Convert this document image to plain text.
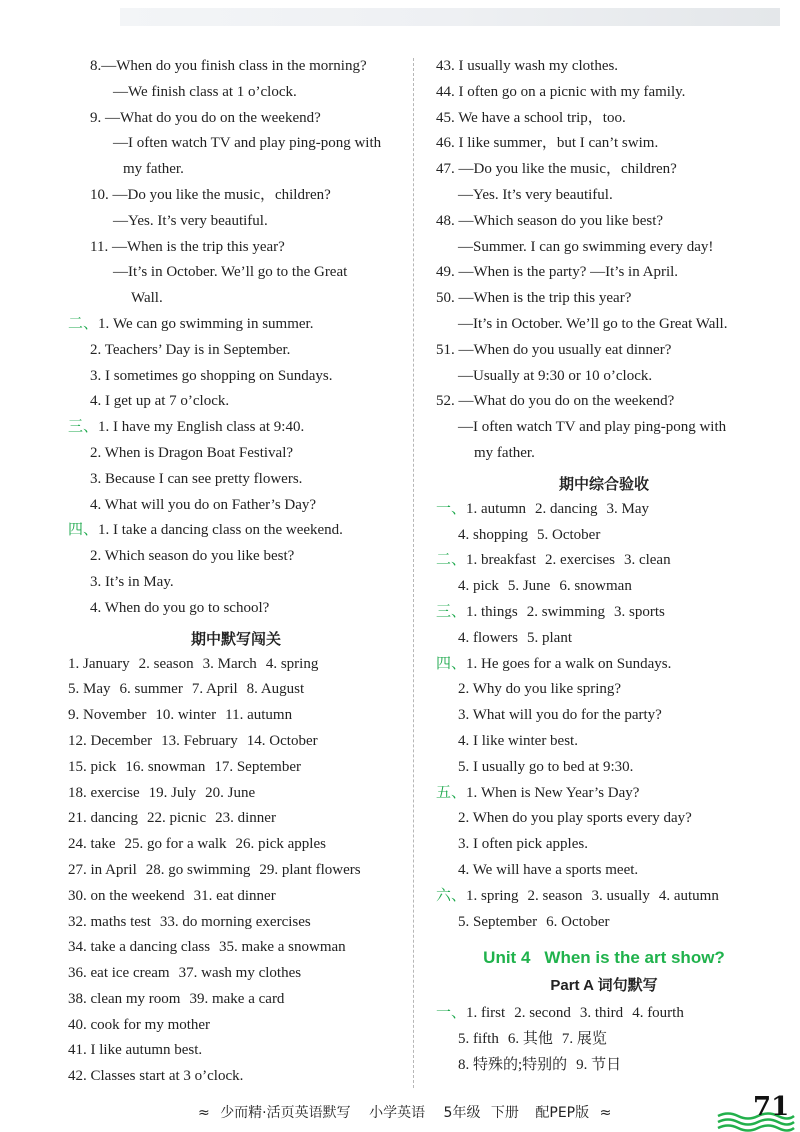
8.—When do you finish class in the morning?
—We finish class at 1 o’clock.
9. —What do you do on the weekend?
—I often watch TV and play ping-pong with
my father.
10. —Do you like the music，children?
—Yes. It’s very beautiful.
11. —When is the trip this year?
—It’s in October. We’ll go to the Great
Wall.
二、1. We can go swimming in summer.
2. Teachers’ Day is in September.
3. I sometimes go shopping on Sundays.
4. I get up at 7 o’clock.
三、1. I have my English class at 9:40.
2. When is Dragon Boat Festival?
3. Because I can see pretty flowers.
4. What will you do on Father’s Day?
四、1. I take a dancing class on the weekend.
2. Which season do you like best?
3. It’s in May.
4. When do you go to school?
期中默写闯关
1. January 2. season 3. March 4. spring
5. May 6. summer 7. April 8. August
9. November 10. winter 11. autumn
12. December 13. February 14. October
15. pick 16. snowman 17. September
18. exercise 19. July 20. June
21. dancing 22. picnic 23. dinner
24. take 25. go for a walk 26. pick apples
27. in April 28. go swimming 29. plant flowers
30. on the weekend 31. eat dinner
32. maths test 33. do morning exercises
34. take a dancing class 35. make a snowman
36. eat ice cream 37. wash my clothes
38. clean my room 39. make a card
40. cook for my mother
41. I like autumn best.
42. Classes start at 3 o’clock.
43. I usually wash my clothes.
44. I often go on a picnic with my family.
45. We have a school trip，too.
46. I like summer，but I can’t swim.
47. —Do you like the music，children?
—Yes. It’s very beautiful.
48. —Which season do you like best?
—Summer. I can go swimming every day!
49. —When is the party? —It’s in April.
50. —When is the trip this year?
—It’s in October. We’ll go to the Great Wall.
51. —When do you usually eat dinner?
—Usually at 9:30 or 10 o’clock.
52. —What do you do on the weekend?
—I often watch TV and play ping-pong with
my father.
期中综合验收
一、1. autumn 2. dancing 3. May
4. shopping 5. October
二、1. breakfast 2. exercises 3. clean
4. pick 5. June 6. snowman
三、1. things 2. swimming 3. sports
4. flowers 5. plant
四、1. He goes for a walk on Sundays.
2. Why do you like spring?
3. What will you do for the party?
4. I like winter best.
5. I usually go to bed at 9:30.
五、1. When is New Year’s Day?
2. When do you play sports every day?
3. I often pick apples.
4. We will have a sports meet.
六、1. spring 2. season 3. usually 4. autumn
5. September 6. October
Unit 4 When is the art show?
Part A 词句默写
一、1. first 2. second 3. third 4. fourth
5. fifth 6. 其他 7. 展览
8. 特殊的;特别的 9. 节日
≈ 少而精·活页英语默写 小学英语 5年级 下册 配PEP版 ≈	71
